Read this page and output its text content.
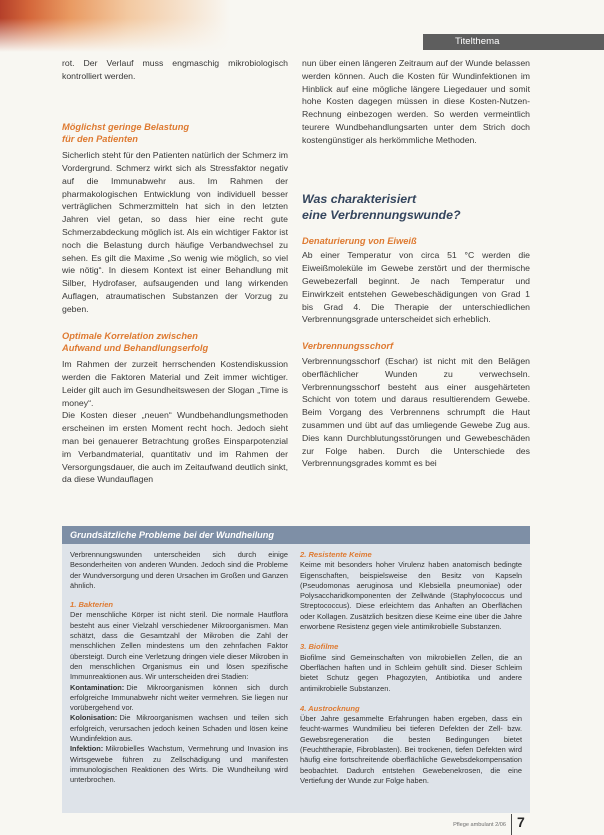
Titelthema

rot. Der Verlauf muss engmaschig mikrobiologisch kontrolliert werden.

Möglichst geringe Belastung
für den Patienten

Sicherlich steht für den Patienten natürlich der Schmerz im Vordergrund. Schmerz wirkt sich als Stressfaktor negativ auf die Immunabwehr aus. Im Rahmen der pharmakologischen Entwicklung von individuell besser verträglichen Schmerzmitteln hat sich in den letzten Jahren viel getan, so dass hier eine recht gute Schmerzabdeckung möglich ist. Als ein wichtiger Faktor ist noch die Belastung durch häufige Verbandwechsel zu sehen. Es gilt die Maxime „So wenig wie möglich, so viel wie nötig“. In diesem Kontext ist einer Behandlung mit Silber, Hydrofaser, aufsaugenden und lang wirkenden Auflagen, atraumatischen Substanzen der Vorzug zu geben.

Optimale Korrelation zwischen
Aufwand und Behandlungserfolg

Im Rahmen der zurzeit herrschenden Kostendiskussion werden die Faktoren Material und Zeit immer wichtiger. Leider gilt auch im Gesundheitswesen der Slogan „Time is money“.

Die Kosten dieser „neuen“ Wundbehandlungsmethoden erscheinen im ersten Moment recht hoch. Jedoch sieht man bei genauerer Betrachtung großes Einsparpotenzial im Verbandmaterial, quantitativ und im Rahmen der Versorgungsdauer, die auch im Zeitaufwand deutlich sinkt, da diese Wundauflagen

nun über einen längeren Zeitraum auf der Wunde belassen werden können. Auch die Kosten für Wundinfektionen im Hinblick auf eine mögliche längere Liegedauer und somit hohe Kosten dagegen müssen in diese Kosten-Nutzen-Rechnung einbezogen werden. So werden vermeintlich teurere Wundbehandlungsarten unter dem Strich doch kostengünstiger als herkömmliche Methoden.

Was charakterisiert
eine Verbrennungswunde?
Denaturierung von Eiweiß

Ab einer Temperatur von circa 51 °C werden die Eiweißmoleküle im Gewebe zerstört und der thermische Gewebezerfall beginnt. Je nach Temperatur und Einwirkzeit entstehen Gewebeschädigungen von Grad 1 bis Grad 4. Die Therapie der unterschiedlichen Verbrennungsgrade unterscheidet sich erheblich.

Verbrennungsschorf

Verbrennungsschorf (Eschar) ist nicht mit den Belägen oberflächlicher Wunden zu verwechseln. Verbrennungsschorf besteht aus einer ausgehärteten Schicht von totem und daraus resultierendem Gewebe. Beim Vorgang des Verbrennens schrumpft die Haut zusammen und übt auf das umliegende Gewebe Zug aus. Dies kann Durchblutungsstörungen und Gewebeschäden zur Folge haben. Durch die Unterschiede des Verbrennungsgrades kommt es bei

Grundsätzliche Probleme bei der Wundheilung

Verbrennungswunden unterscheiden sich durch einige Besonderheiten von anderen Wunden. Jedoch sind die Probleme der Wundversorgung und deren Ursachen im Großen und Ganzen ähnlich.

1. Bakterien

Der menschliche Körper ist nicht steril. Die normale Hautflora besteht aus einer Vielzahl verschiedener Mikroorganismen. Man schätzt, dass die Gesamtzahl der Mikroben die Zahl der menschlichen Zellen mindestens um den zehnfachen Faktor übersteigt. Durch eine Verletzung dringen viele dieser Mikroben in den menschlichen Organismus ein und lösen spezifische Immunreaktionen aus. Wir unterscheiden drei Stadien:

Kontamination: Die Mikroorganismen können sich durch erfolgreiche Immunabwehr nicht weiter vermehren. Sie liegen nur vorübergehend vor.

Kolonisation: Die Mikroorganismen wachsen und teilen sich erfolgreich, verursachen jedoch keinen Schaden und lösen keine Wundinfektion aus.

Infektion: Mikrobielles Wachstum, Vermehrung und Invasion ins Wirtsgewebe führen zu Zellschädigung und manifesten immunologischen Reaktionen des Wirts. Die Wundheilung wird unterbrochen.

2. Resistente Keime

Keime mit besonders hoher Virulenz haben anatomisch bedingte Eigenschaften, beispielsweise den Besitz von Kapseln (Pseudomonas aeruginosa und Klebsiella pneumoniae) oder Polysaccharidkomponenten der Zellwände (Staphylococcus und Streptococcus). Diese erleichtern das Anhaften an Oberflächen oder Kollagen. Zusätzlich besitzen diese Keime eine über die Jahre erworbene Resistenz gegen viele antimikrobielle Substanzen.

3. Biofilme

Biofilme sind Gemeinschaften von mikrobiellen Zellen, die an Oberflächen haften und in Schleim gehüllt sind. Dieser Schleim bietet Schutz gegen Phagozyten, Antibiotika und andere antimikrobielle Substanzen.

4. Austrocknung

Über Jahre gesammelte Erfahrungen haben ergeben, dass ein feucht-warmes Wundmilieu bei tieferen Defekten der Zell- bzw. Gewebsregeneration die besten Bedingungen bietet (Feuchttherapie, Fibroblasten). Bei trockenen, tiefen Defekten wird häufig eine fortschreitende oberflächliche Gewebsdekompensation beobachtet. Dadurch entstehen Gewebenekrosen, die eine Vertiefung der Wunde zur Folge haben.

Pflege ambulant 2/06 7
